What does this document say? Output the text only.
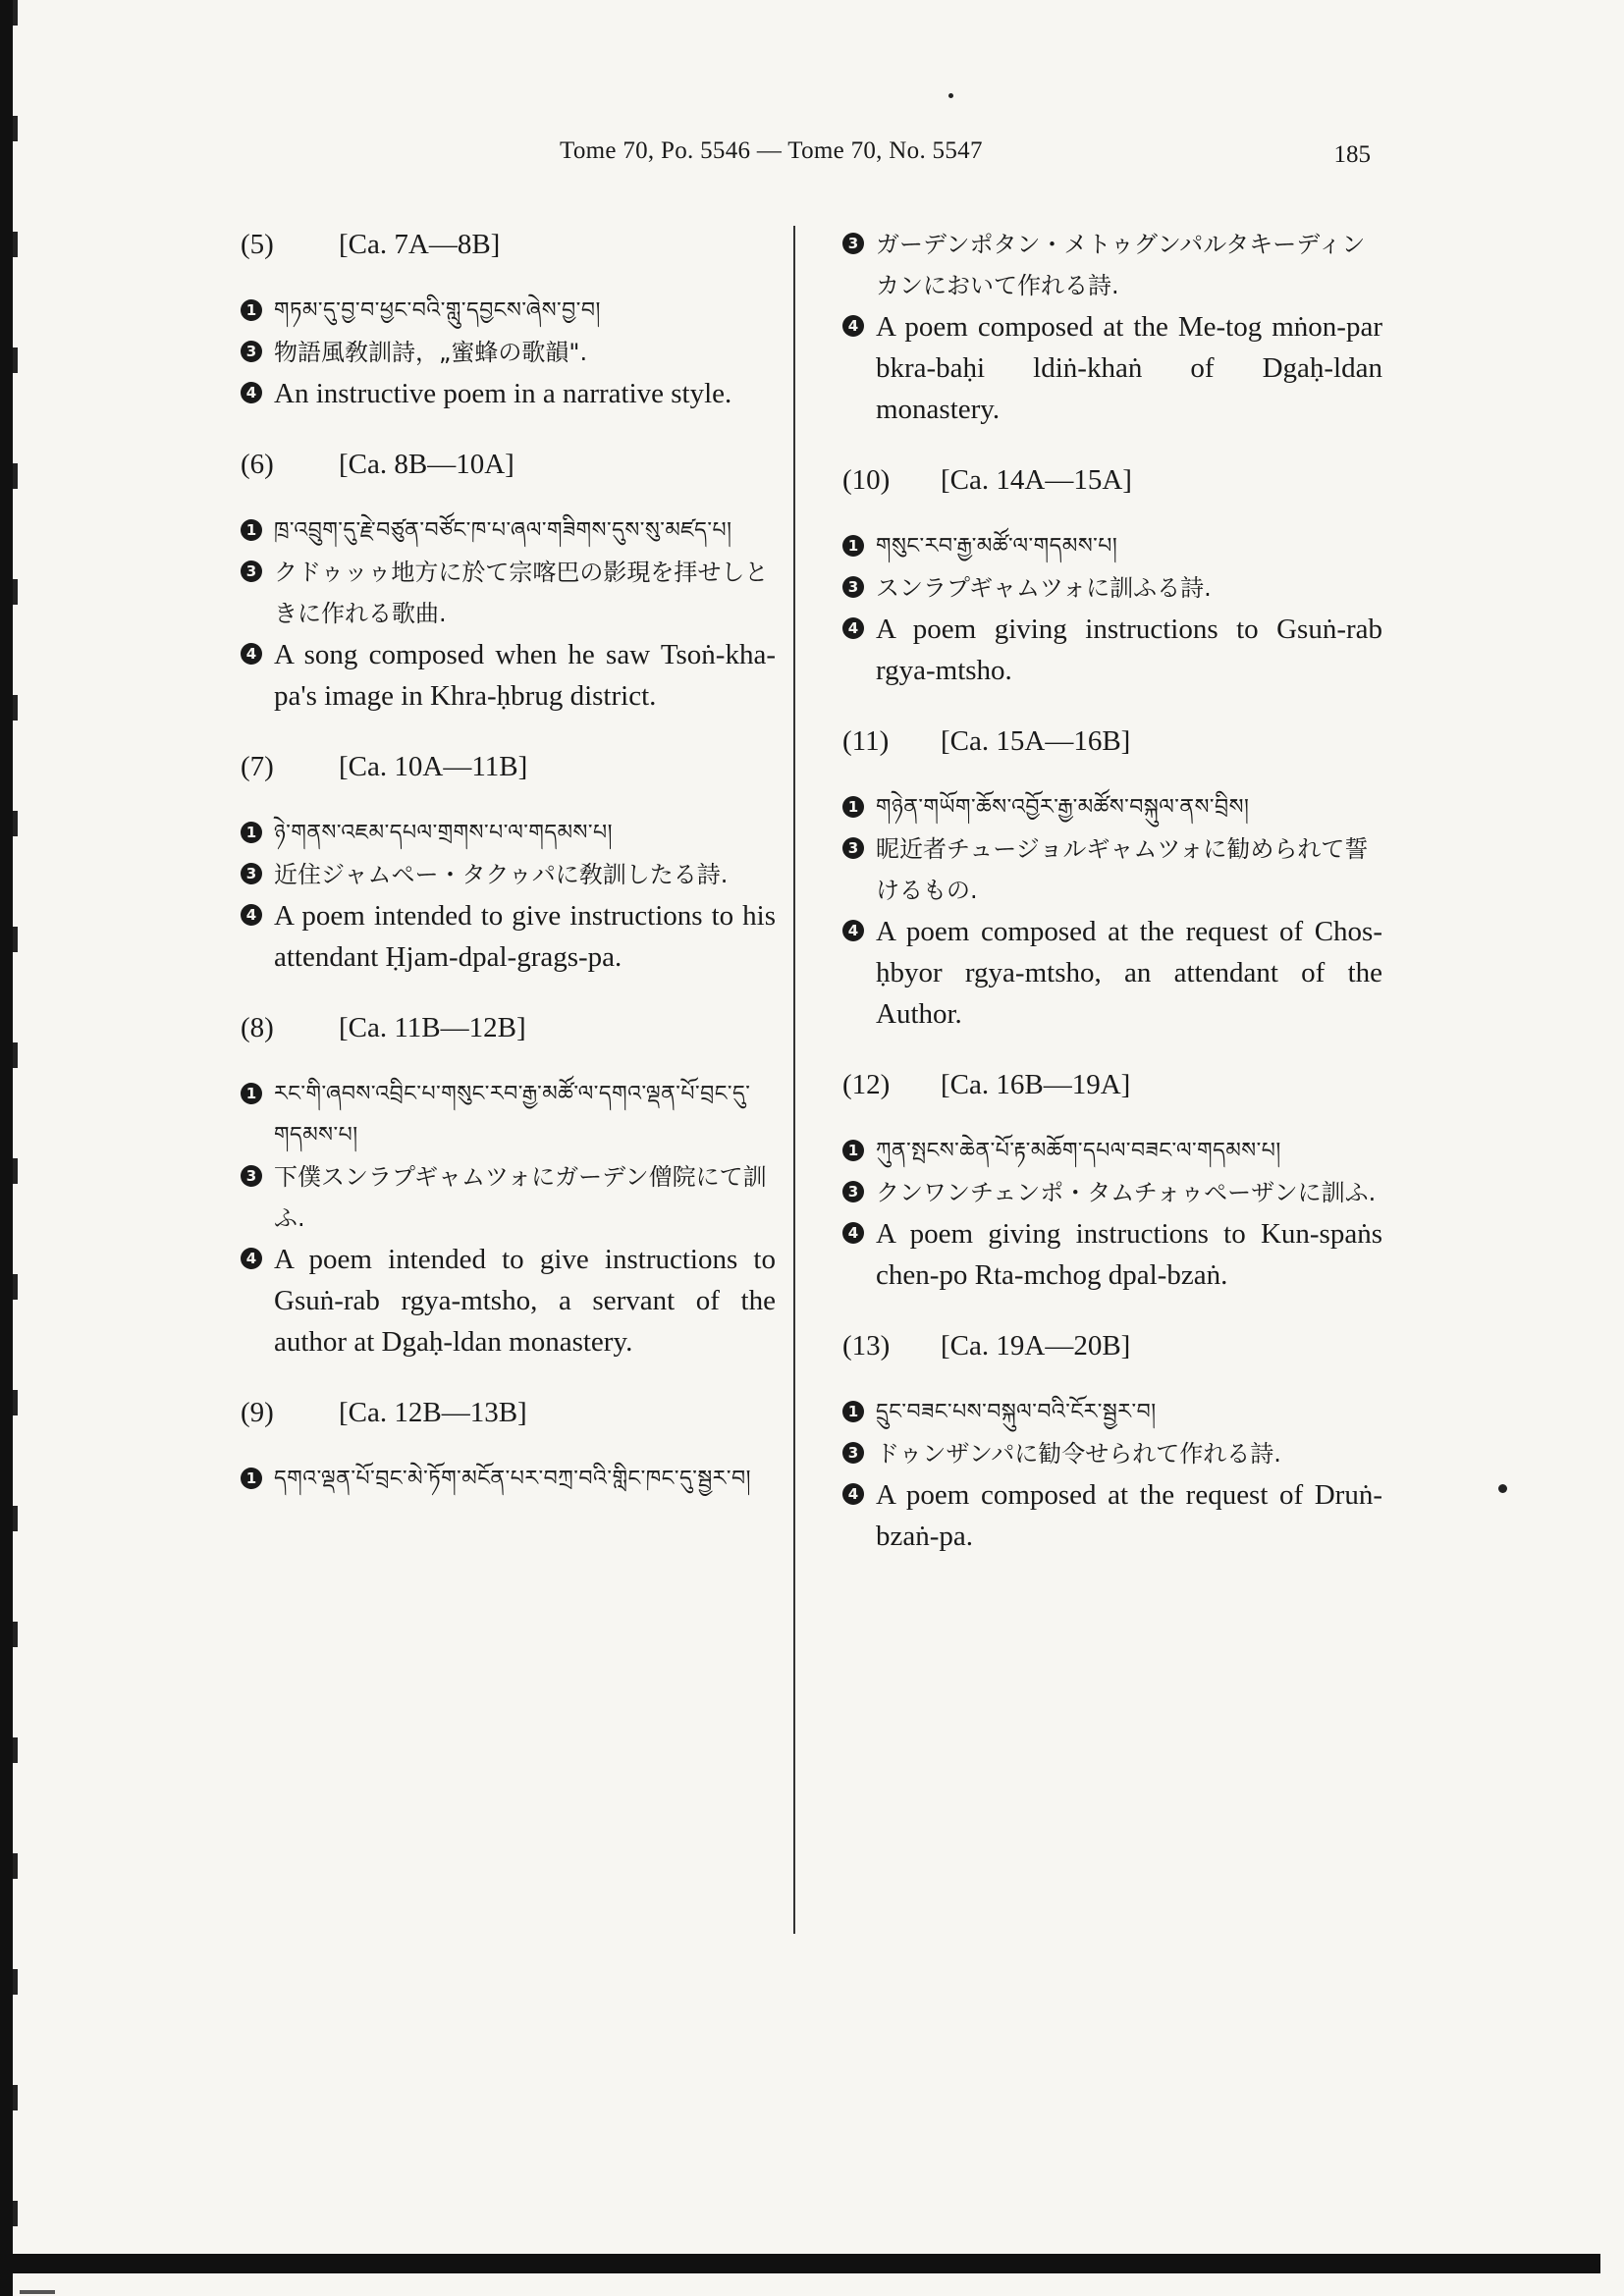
Tome 70, Po. 5546 — Tome 70, No. 5547	185
(5)	[Ca. 7A—8B]
1 གཏམ་དུ་བྱ་བ་ཕྱང་བའི་གླུ་དབྱངས་ཞེས་བྱ་བ།
3 物語風敎訓詩，„蜜蜂の歌韻".
4 An instructive poem in a narrative style.
(6)	[Ca. 8B—10A]
1 ཁྲ་འབྲུག་དུ་རྗེ་བཙུན་བཙོང་ཁ་པ་ཞལ་གཟིགས་དུས་སུ་མཛད་པ།
3 クドゥッゥ地方に於て宗喀巴の影現を拝せしときに作れる歌曲.
4 A song composed when he saw Tsoṅ-kha-pa's image in Khra-ḥbrug district.
(7)	[Ca. 10A—11B]
1 ཉེ་གནས་འཇམ་དཔལ་གྲགས་པ་ལ་གདམས་པ།
3 近住ジャムペー・タクゥパに敎訓したる詩.
4 A poem intended to give instructions to his attendant Ḥjam-dpal-grags-pa.
(8)	[Ca. 11B—12B]
1 རང་གི་ཞབས་འབྲིང་པ་གསུང་རབ་རྒྱ་མཚོ་ལ་དགའ་ལྡན་པོ་བྲང་དུ་གདམས་པ།
3 下僕スンラプギャムツォにガーデン僧院にて訓ふ.
4 A poem intended to give instructions to Gsuṅ-rab rgya-mtsho, a servant of the author at Dgaḥ-ldan monastery.
(9)	[Ca. 12B—13B]
1 དགའ་ལྡན་པོ་བྲང་མེ་ཏོག་མངོན་པར་བཀྲ་བའི་གླིང་ཁང་དུ་སྦྱར་བ།
3 ガーデンポタン・メトゥグンパルタキーディンカンにおいて作れる詩.
4 A poem composed at the Me-tog mṅon-par bkra-baḥi ldiṅ-khaṅ of Dgaḥ-ldan monastery.
(10)	[Ca. 14A—15A]
1 གསུང་རབ་རྒྱ་མཚོ་ལ་གདམས་པ།
3 スンラプギャムツォに訓ふる詩.
4 A poem giving instructions to Gsuṅ-rab rgya-mtsho.
(11)	[Ca. 15A—16B]
1 གཉེན་གཡོག་ཆོས་འབྱོར་རྒྱ་མཚོས་བསྐུལ་ནས་བྲིས།
3 昵近者チュージョルギャムツォに勧められて誓けるもの.
4 A poem composed at the request of Chos-ḥbyor rgya-mtsho, an attendant of the Author.
(12)	[Ca. 16B—19A]
1 ཀུན་སྤངས་ཆེན་པོ་རྟ་མཆོག་དཔལ་བཟང་ལ་གདམས་པ།
3 クンワンチェンポ・タムチォゥペーザンに訓ふ.
4 A poem giving instructions to Kun-spaṅs chen-po Rta-mchog dpal-bzaṅ.
(13)	[Ca. 19A—20B]
1 དྲུང་བཟང་པས་བསྐུལ་བའི་ངོར་སྦྱར་བ།
3 ドゥンザンパに勧令せられて作れる詩.
4 A poem composed at the request of Druṅ-bzaṅ-pa.
